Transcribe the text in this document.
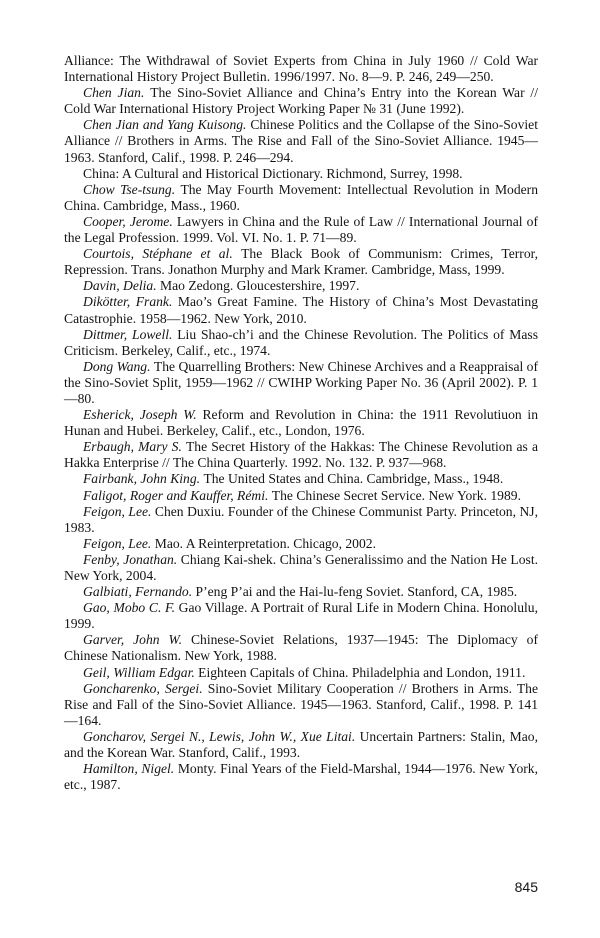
Alliance: The Withdrawal of Soviet Experts from China in July 1960 // Cold War International History Project Bulletin. 1996/1997. No. 8—9. P. 246, 249—250.

Chen Jian. The Sino-Soviet Alliance and China’s Entry into the Korean War // Cold War International History Project Working Paper № 31 (June 1992).

Chen Jian and Yang Kuisong. Chinese Politics and the Collapse of the Sino-Soviet Alliance // Brothers in Arms. The Rise and Fall of the Sino-Soviet Alliance. 1945—1963. Stanford, Calif., 1998. P. 246—294.

China: A Cultural and Historical Dictionary. Richmond, Surrey, 1998.

Chow Tse-tsung. The May Fourth Movement: Intellectual Revolution in Modern China. Cambridge, Mass., 1960.

Cooper, Jerome. Lawyers in China and the Rule of Law // International Journal of the Legal Profession. 1999. Vol. VI. No. 1. P. 71—89.

Courtois, Stéphane et al. The Black Book of Communism: Crimes, Terror, Repression. Trans. Jonathon Murphy and Mark Kramer. Cambridge, Mass, 1999.

Davin, Delia. Mao Zedong. Gloucestershire, 1997.

Dikötter, Frank. Mao’s Great Famine. The History of China’s Most Devastating Catastrophie. 1958—1962. New York, 2010.

Dittmer, Lowell. Liu Shao-ch’i and the Chinese Revolution. The Politics of Mass Criticism. Berkeley, Calif., etc., 1974.

Dong Wang. The Quarrelling Brothers: New Chinese Archives and a Reappraisal of the Sino-Soviet Split, 1959—1962 // CWIHP Working Paper No. 36 (April 2002). P. 1—80.

Esherick, Joseph W. Reform and Revolution in China: the 1911 Revolutiuon in Hunan and Hubei. Berkeley, Calif., etc., London, 1976.

Erbaugh, Mary S. The Secret History of the Hakkas: The Chinese Revolution as a Hakka Enterprise // The China Quarterly. 1992. No. 132. P. 937—968.

Fairbank, John King. The United States and China. Cambridge, Mass., 1948.

Faligot, Roger and Kauffer, Rémi. The Chinese Secret Service. New York. 1989.

Feigon, Lee. Chen Duxiu. Founder of the Chinese Communist Party. Princeton, NJ, 1983.

Feigon, Lee. Mao. A Reinterpretation. Chicago, 2002.

Fenby, Jonathan. Chiang Kai-shek. China’s Generalissimo and the Nation He Lost. New York, 2004.

Galbiati, Fernando. P’eng P’ai and the Hai-lu-feng Soviet. Stanford, CA, 1985.

Gao, Mobo C. F. Gao Village. A Portrait of Rural Life in Modern China. Honolulu, 1999.

Garver, John W. Chinese-Soviet Relations, 1937—1945: The Diplomacy of Chinese Nationalism. New York, 1988.

Geil, William Edgar. Eighteen Capitals of China. Philadelphia and London, 1911.

Goncharenko, Sergei. Sino-Soviet Military Cooperation // Brothers in Arms. The Rise and Fall of the Sino-Soviet Alliance. 1945—1963. Stanford, Calif., 1998. P. 141—164.

Goncharov, Sergei N., Lewis, John W., Xue Litai. Uncertain Partners: Stalin, Mao, and the Korean War. Stanford, Calif., 1993.

Hamilton, Nigel. Monty. Final Years of the Field-Marshal, 1944—1976. New York, etc., 1987.

845
